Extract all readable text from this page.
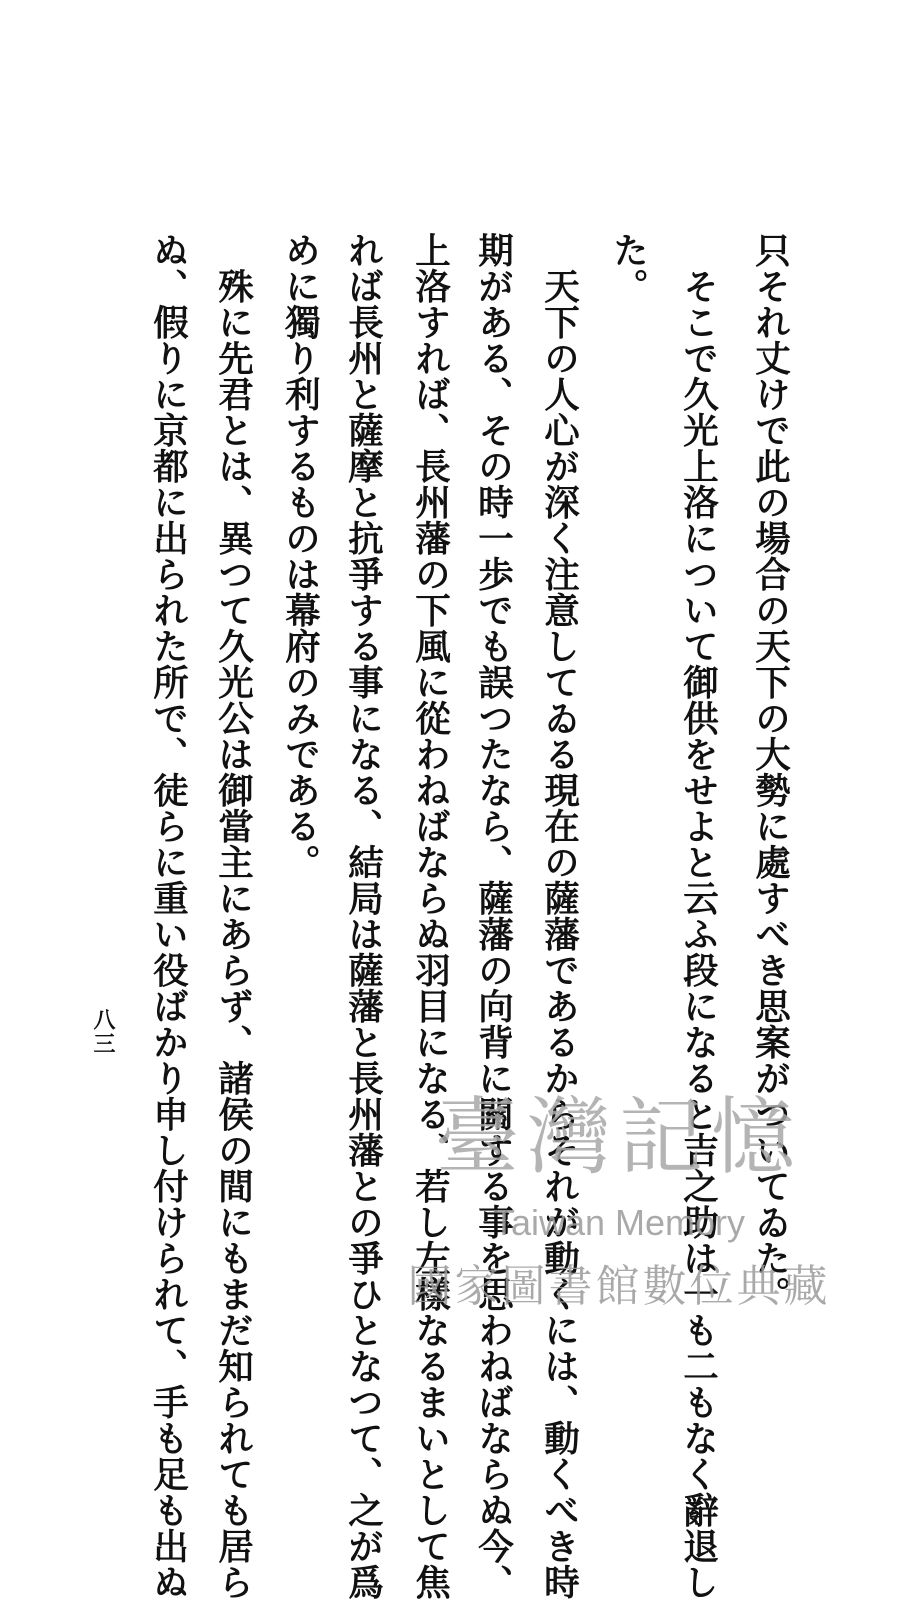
只それ丈けで此の場合の天下の大勢に處すべき思案がついてゐた。
そこで久光上洛について御供をせよと云ふ段になると吉之助は一も二もなく辭退し
た。
天下の人心が深く注意してゐる現在の薩藩であるからそれが動くには、動くべき時
期がある、その時一歩でも誤つたなら、薩藩の向背に關する事を思わねばならぬ今、
上洛すれば、長州藩の下風に從わねばならぬ羽目になる、若し左樣なるまいとして焦
れば長州と薩摩と抗爭する事になる、結局は薩藩と長州藩との爭ひとなつて、之が爲
めに獨り利するものは幕府のみである。
殊に先君とは、異つて久光公は御當主にあらず、諸侯の間にもまだ知られても居ら
ぬ、假りに京都に出られた所で、徒らに重い役ばかり申し付けられて、手も足も出ぬ
八三
臺灣記憶
Taiwan Memory
國家圖書館數位典藏
